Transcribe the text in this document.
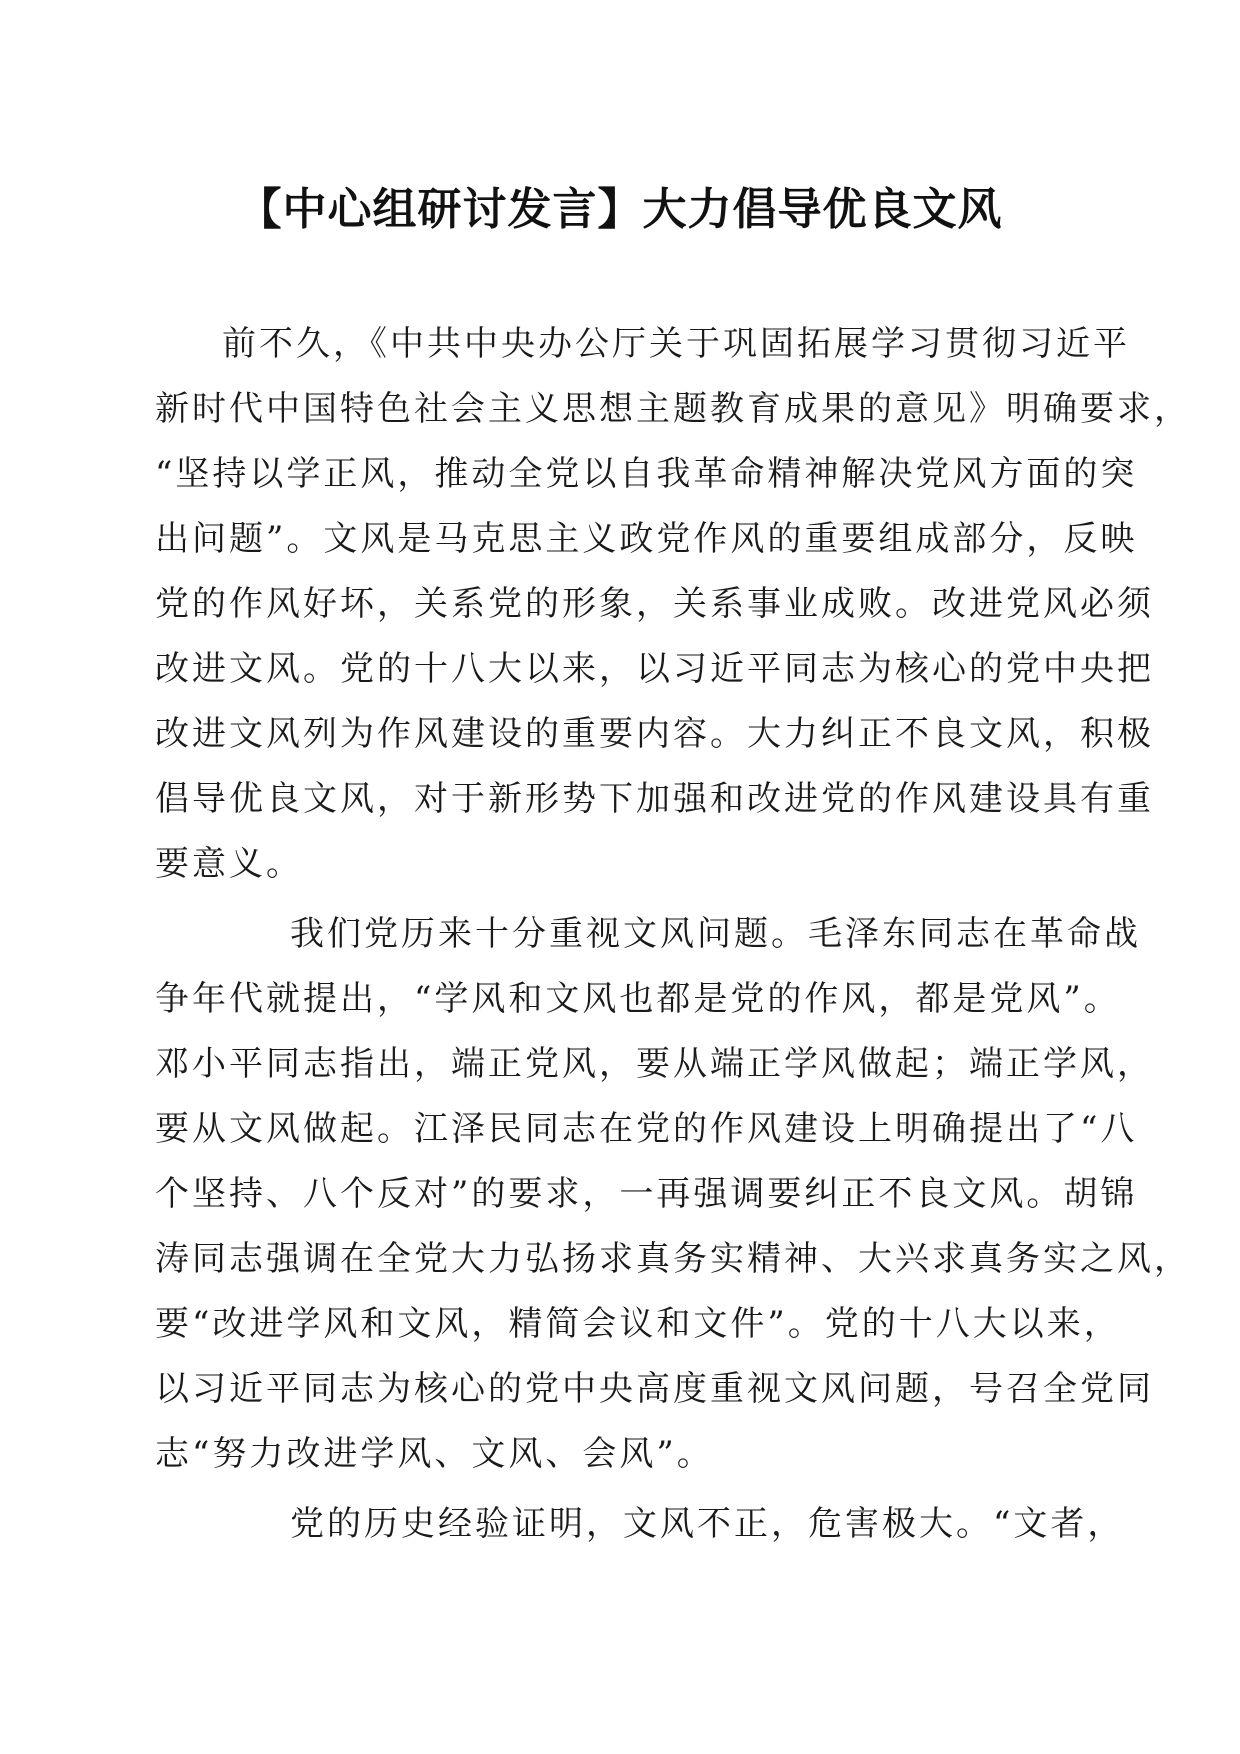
【中心组研讨发言】大力倡导优良文风

前不久，《中共中央办公厅关于巩固拓展学习贯彻习近平

新时代中国特色社会主义思想主题教育成果的意见》明确要求，

“坚持以学正风，推动全党以自我革命精神解决党风方面的突

出问题”。文风是马克思主义政党作风的重要组成部分，反映

党的作风好坏，关系党的形象，关系事业成败。改进党风必须

改进文风。党的十八大以来，以习近平同志为核心的党中央把

改进文风列为作风建设的重要内容。大力纠正不良文风，积极

倡导优良文风，对于新形势下加强和改进党的作风建设具有重

要意义。

我们党历来十分重视文风问题。毛泽东同志在革命战

争年代就提出，“学风和文风也都是党的作风，都是党风”。

邓小平同志指出，端正党风，要从端正学风做起；端正学风，

要从文风做起。江泽民同志在党的作风建设上明确提出了“八

个坚持、八个反对”的要求，一再强调要纠正不良文风。胡锦

涛同志强调在全党大力弘扬求真务实精神、大兴求真务实之风，

要“改进学风和文风，精简会议和文件”。党的十八大以来，

以习近平同志为核心的党中央高度重视文风问题，号召全党同

志“努力改进学风、文风、会风”。

党的历史经验证明，文风不正，危害极大。“文者，
